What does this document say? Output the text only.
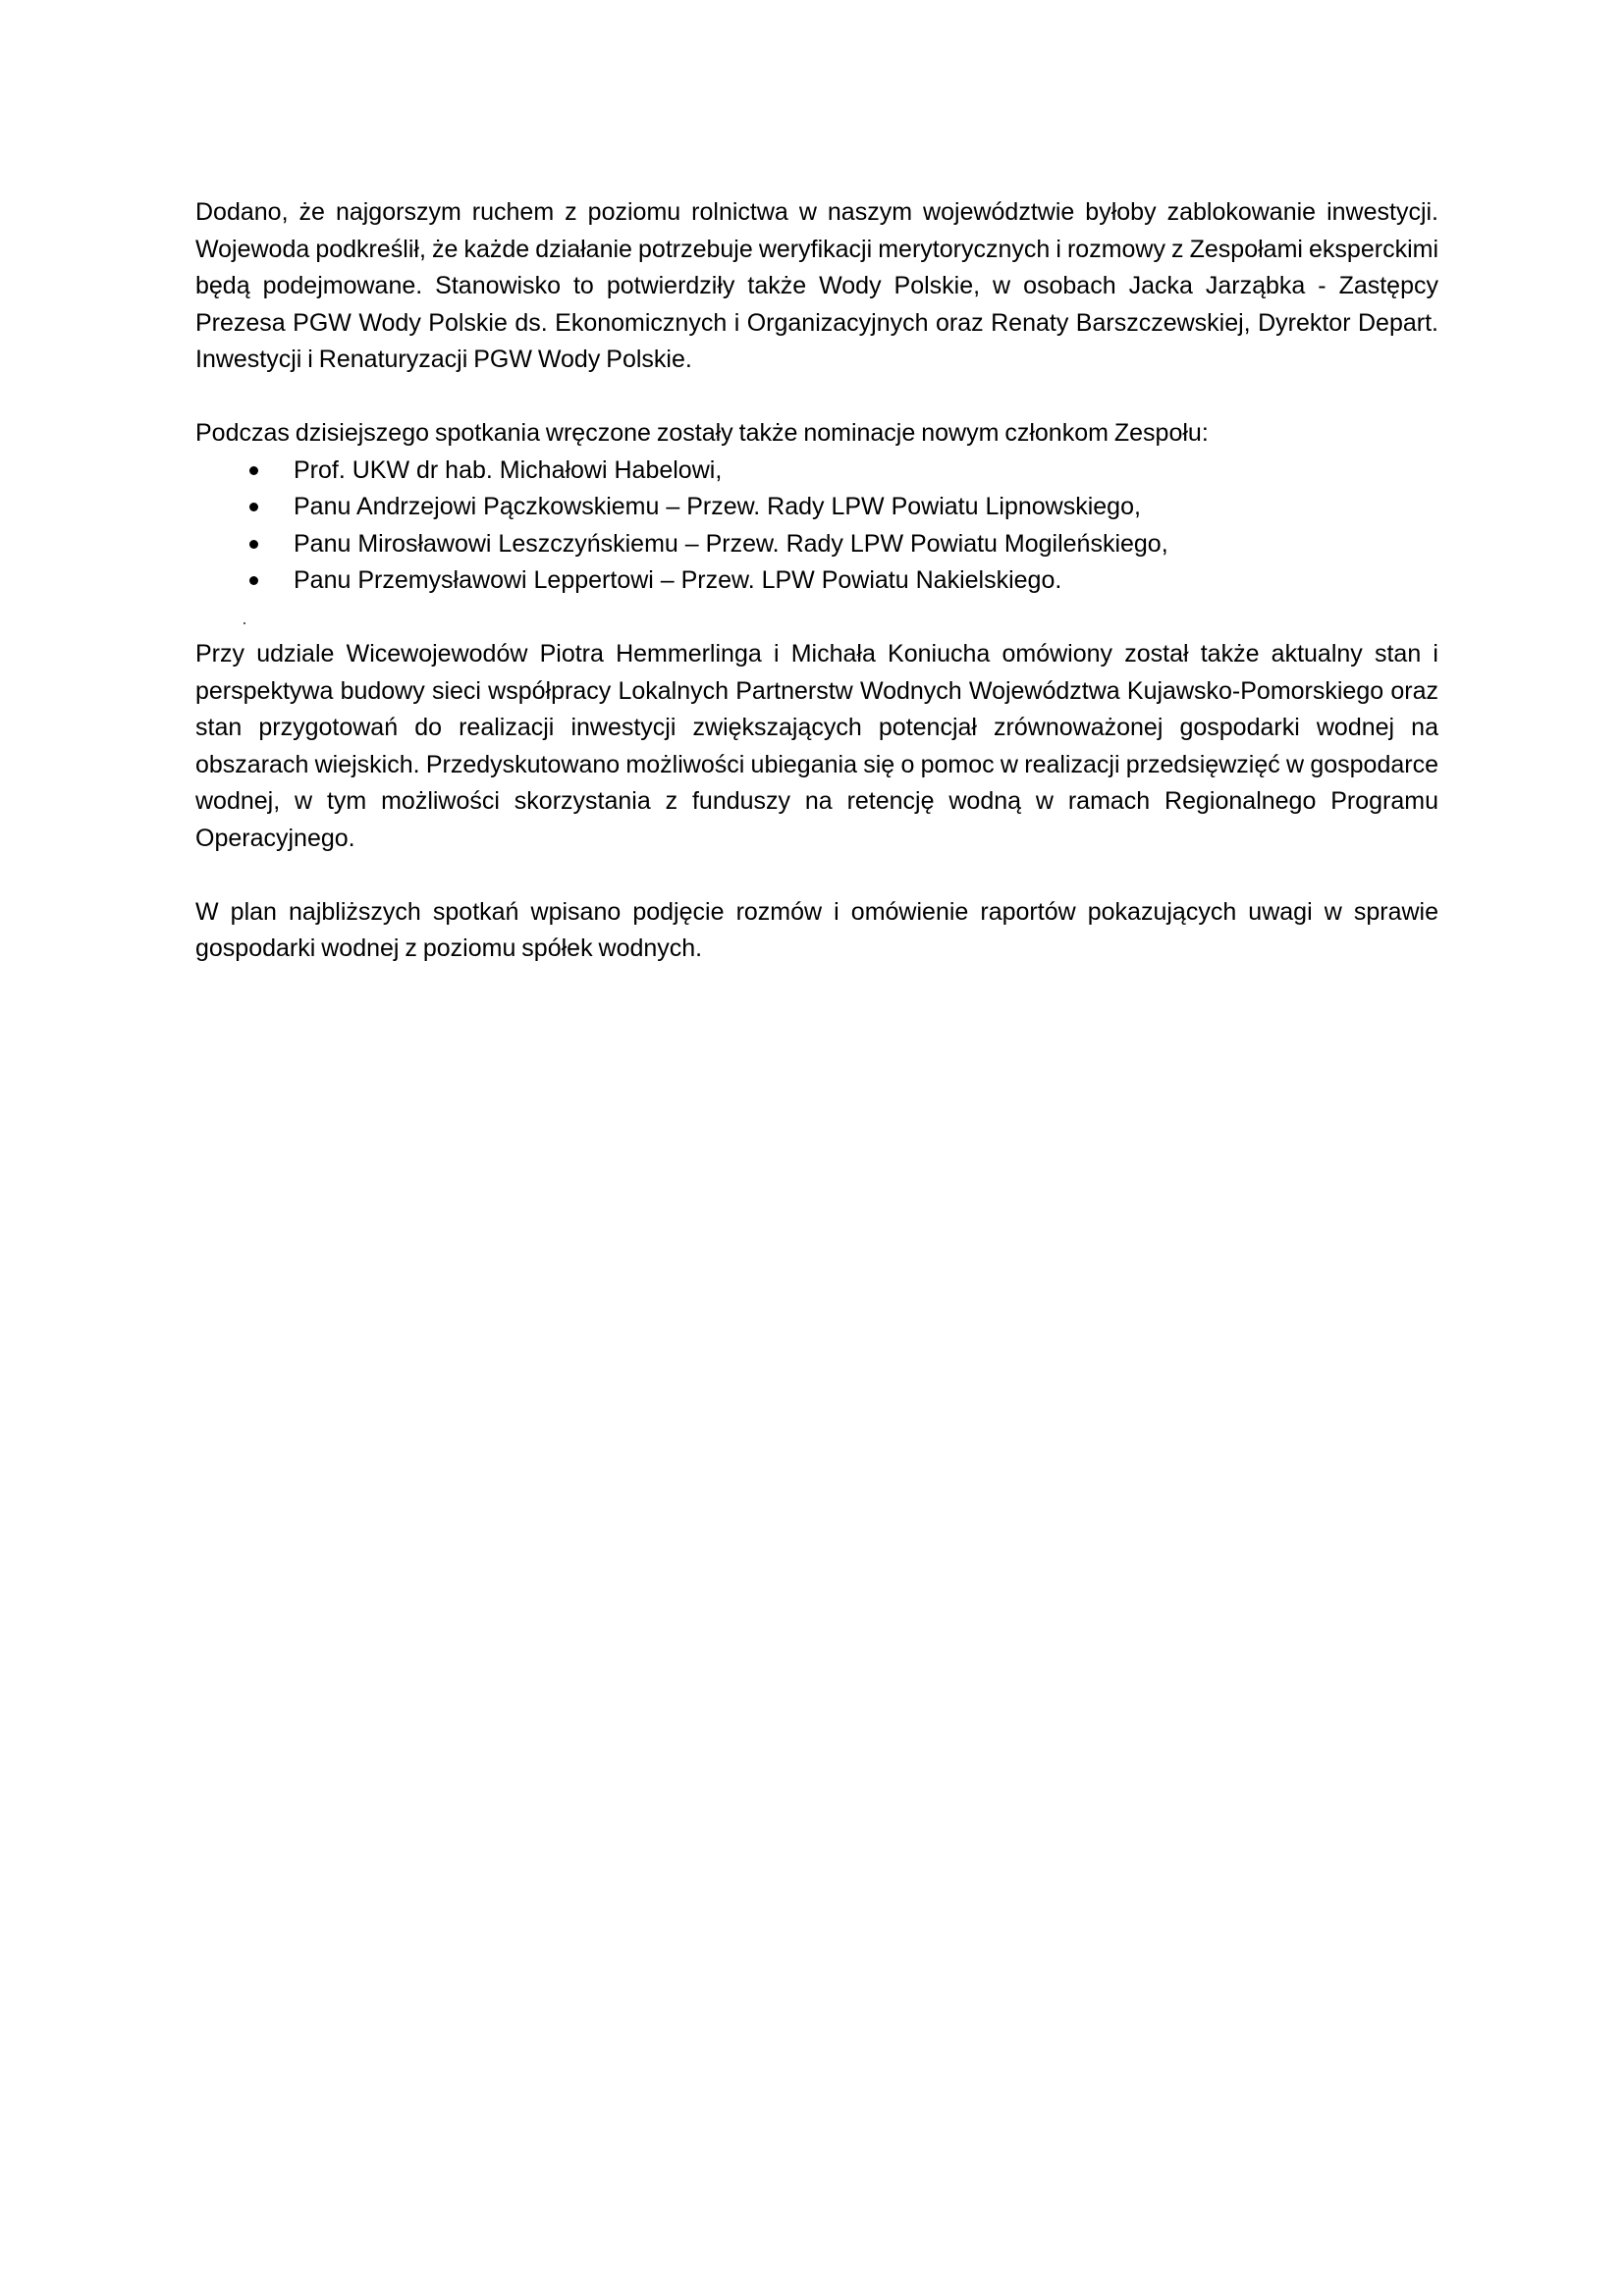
Dodano, że najgorszym ruchem z poziomu rolnictwa w naszym województwie byłoby zablokowanie inwestycji. Wojewoda podkreślił, że każde działanie potrzebuje weryfikacji merytorycznych i rozmowy z Zespołami eksperckimi będą podejmowane. Stanowisko to potwierdziły także Wody Polskie, w osobach Jacka Jarząbka - Zastępcy Prezesa PGW Wody Polskie ds. Ekonomicznych i Organizacyjnych oraz Renaty Barszczewskiej, Dyrektor Depart. Inwestycji i Renaturyzacji PGW Wody Polskie.

Podczas dzisiejszego spotkania wręczone zostały także nominacje nowym członkom Zespołu:

Prof. UKW dr hab. Michałowi Habelowi,
Panu Andrzejowi Pączkowskiemu – Przew. Rady LPW Powiatu Lipnowskiego,
Panu Mirosławowi Leszczyńskiemu – Przew. Rady LPW Powiatu Mogileńskiego,
Panu Przemysławowi Leppertowi – Przew. LPW Powiatu Nakielskiego.

Przy udziale Wicewojewodów Piotra Hemmerlinga i Michała Koniucha omówiony został także aktualny stan i perspektywa budowy sieci współpracy Lokalnych Partnerstw Wodnych Województwa Kujawsko-Pomorskiego oraz stan przygotowań do realizacji inwestycji zwiększających potencjał zrównoważonej gospodarki wodnej na obszarach wiejskich. Przedyskutowano możliwości ubiegania się o pomoc w realizacji przedsięwzięć w gospodarce wodnej, w tym możliwości skorzystania z funduszy na retencję wodną w ramach Regionalnego Programu Operacyjnego.

W plan najbliższych spotkań wpisano podjęcie rozmów i omówienie raportów pokazujących uwagi w sprawie gospodarki wodnej z poziomu spółek wodnych.
